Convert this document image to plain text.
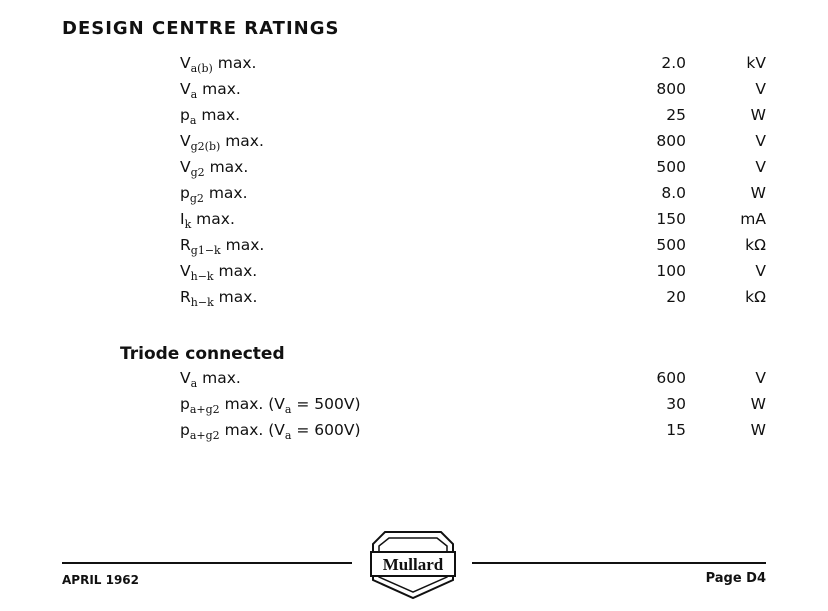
DESIGN CENTRE RATINGS
$V_{a(b)}$ max.	2.0	kV
$V_a$ max.	800	V
$p_a$ max.	25	W
$V_{g2(b)}$ max.	800	V
$V_{g2}$ max.	500	V
$p_{g2}$ max.	8.0	W
$I_k$ max.	150	mA
$R_{g1-k}$ max.	500	kΩ
$V_{h-k}$ max.	100	V
$R_{h-k}$ max.	20	kΩ
Triode connected
$V_a$ max.	600	V
$p_{a+g2}$ max. $(V_a = 500V)$	30	W
$p_{a+g2}$ max. $(V_a = 600V)$	15	W
Mullard
APRIL 1962	Page D4
